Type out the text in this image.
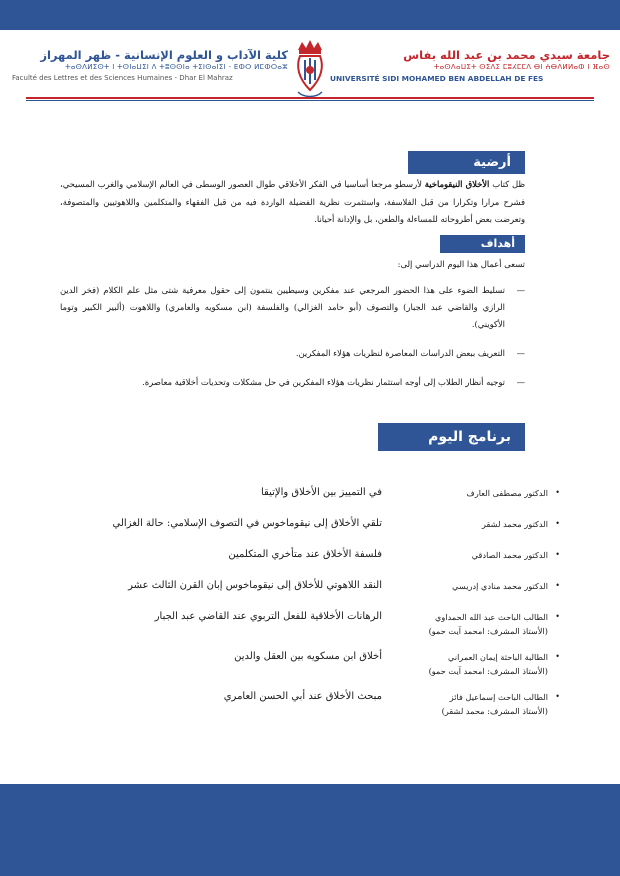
كلية الآداب و العلوم الإنسانية - ظهر المهراز
ⵜⴰⵙⴷⵍⵉⵙⵜ ⵏ ⵜⵙⵏⴰⵡⵉⵏ ⴷ ⵜⵓⵙⵙⵏⴰ ⵜⵉⵏⵙⴰⵏⵉⵏ - ⴹⵀⵔ ⵍⵎⵀⵔⴰⵣ
Faculté des Lettres et des Sciences Humaines - Dhar El Mahraz
جامعة سيدي محمد بن عبد الله بفاس
ⵜⴰⵙⴷⴰⵡⵉⵜ ⵙⵉⴷⵉ ⵎⵓⵃⵎⵎⴷ ⴱⵏ ⵄⴱⴷⵍⵍⴰⵀ ⵏ ⴼⴰⵙ
UNIVERSITÉ SIDI MOHAMED BEN ABDELLAH DE FES
أرضية
ظل كتاب الأخلاق النيقوماخية لأرسطو مرجعا أساسيا في الفكر الأخلاقي طوال العصور الوسطى في العالم الإسلامي والغرب المسيحي، فشرح مرارا وتكرارا من قبل الفلاسفة، واستثمرت نظرية الفضيلة الواردة فيه من قبل الفقهاء والمتكلمين واللاهوتيين والمتصوفة، وتعرضت بعض أطروحاته للمساءلة والطعن، بل والإدانة أحيانا.
أهداف
تسعى أعمال هذا اليوم الدراسي إلى:
—
تسليط الضوء على هذا الحضور المرجعي عند مفكرين وسيطيين ينتمون إلى حقول معرفية شتى مثل علم الكلام (فخر الدين الرازي والقاضي عبد الجبار) والتصوف (أبو حامد الغزالي) والفلسفة (ابن مسكويه والعامري) واللاهوت (ألبير الكبير وتوما الأكويني).
—
التعريف ببعض الدراسات المعاصرة لنظريات هؤلاء المفكرين.
—
توجيه أنظار الطلاب إلى أوجه استثمار نظريات هؤلاء المفكرين في حل مشكلات وتحديات أخلاقية معاصرة.
برنامج اليوم الدراسي
•
الدكتور مصطفى العارف
في التمييز بين الأخلاق والإتيقا
•
الدكتور محمد لشقر
تلقي الأخلاق إلى نيقوماخوس في التصوف الإسلامي: حالة الغزالي
•
الدكتور محمد الصادقي
فلسفة الأخلاق عند متأخري المتكلمين
•
الدكتور محمد منادي إدريسي
النقد اللاهوتي للأخلاق إلى نيقوماخوس إبان القرن الثالث عشر
•
الطالب الباحث عبد الله الحمداوي
(الأستاذ المشرف: امحمد آيت حمو)
الرهانات الأخلاقية للفعل التربوي عند القاضي عبد الجبار
•
الطالبة الباحثة إيمان العمراني
(الأستاذ المشرف: امحمد آيت حمو)
أخلاق ابن مسكويه بين العقل والدين
•
الطالب الباحث إسماعيل فائز
(الأستاذ المشرف: محمد لشقر)
مبحث الأخلاق عند أبي الحسن العامري
